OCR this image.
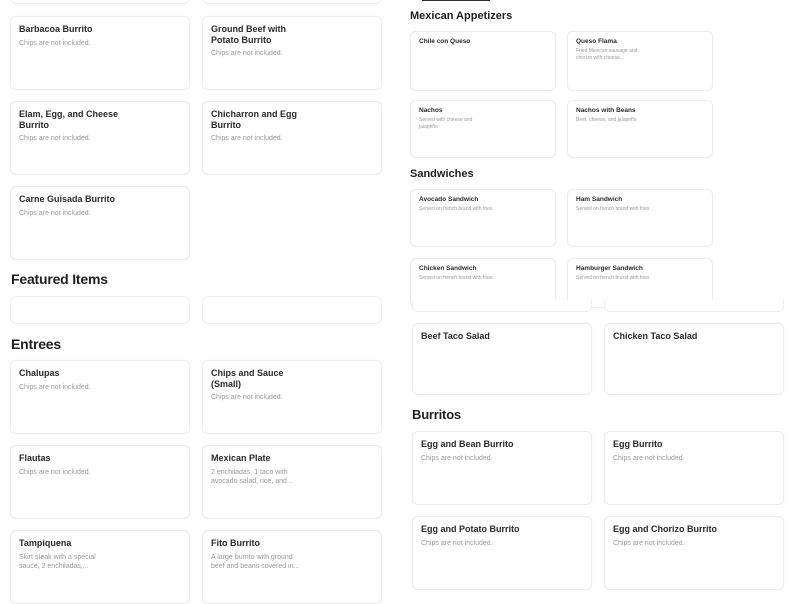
Barbacoa Burrito
Chips are not included.
Ground Beef with Potato Burrito
Chips are not included.
Elam, Egg, and Cheese Burrito
Chips are not included.
Chicharron and Egg Burrito
Chips are not included.
Carne Guisada Burrito
Chips are not included.
Featured Items
Entrees
Chalupas
Chips are not included.
Chips and Sauce (Small)
Chips are not included.
Flautas
Chips are not included.
Mexican Plate
2 enchiladas, 1 taco with avocado salad, rice, and...
Tampiquena
Skirt steak with a special sauce, 2 enchiladas,...
Fito Burrito
A large burrito with ground beef and beans covered in...
Mexican Appetizers
Chile con Queso	Queso Flama
Fried Mexican sausage and chorizo with cheese...
Nachos
Served with cheese and jalapeño
Nachos with Beans
Beef, cheese, and jalapeño
Sandwiches
Avocado Sandwich
Served on french brand with fries.
Ham Sandwich
Served on french brand with fries.
Chicken Sandwich
Served on french brand with fries.
Hamburger Sandwich
Served on french brand with fries.
Beef Taco Salad	Chicken Taco Salad
Burritos
Egg and Bean Burrito
Chips are not included.
Egg Burrito
Chips are not included.
Egg and Potato Burrito
Chips are not included.
Egg and Chorizo Burrito
Chips are not included.
